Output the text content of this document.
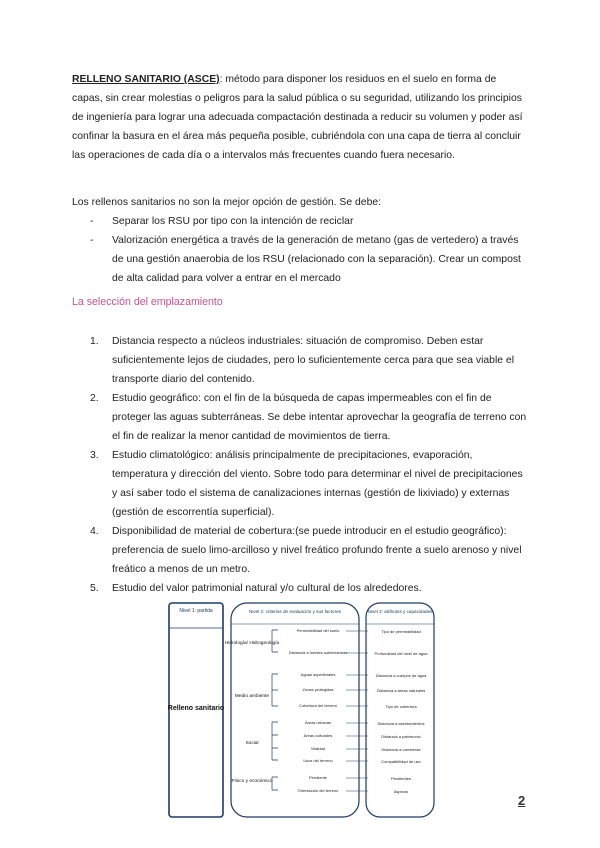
RELLENO SANITARIO (ASCE): método para disponer los residuos en el suelo en forma de capas, sin crear molestias o peligros para la salud pública o su seguridad, utilizando los principios de ingeniería para lograr una adecuada compactación destinada a reducir su volumen y poder así confinar la basura en el área más pequeña posible, cubriéndola con una capa de tierra al concluir las operaciones de cada día o a intervalos más frecuentes cuando fuera necesario.
Los rellenos sanitarios no son la mejor opción de gestión. Se debe:
- Separar los RSU por tipo con la intención de reciclar
- Valorización energética a través de la generación de metano (gas de vertedero) a través de una gestión anaerobia de los RSU (relacionado con la separación). Crear un compost de alta calidad para volver a entrar en el mercado
La selección del emplazamiento
1. Distancia respecto a núcleos industriales: situación de compromiso. Deben estar suficientemente lejos de ciudades, pero lo suficientemente cerca para que sea viable el transporte diario del contenido.
2. Estudio geográfico: con el fin de la búsqueda de capas impermeables con el fin de proteger las aguas subterráneas. Se debe intentar aprovechar la geografía de terreno con el fin de realizar la menor cantidad de movimientos de tierra.
3. Estudio climatológico: análisis principalmente de precipitaciones, evaporación, temperatura y dirección del viento. Sobre todo para determinar el nivel de precipitaciones y así saber todo el sistema de canalizaciones internas (gestión de lixiviado) y externas (gestión de escorrentía superficial).
4. Disponibilidad de material de cobertura:(se puede introducir en el estudio geográfico): preferencia de suelo limo-arcilloso y nivel freático profundo frente a suelo arenoso y nivel freático a menos de un metro.
5. Estudio del valor patrimonial natural y/o cultural de los alrededores.
Nivel 1: partida	Nivel 2: criterios de evaluación y sus factores	Nivel 3: atributos y capacidades
Relleno sanitario
Hidrología/ Hidrogeología
Medio ambiente
Social
Físico y económico
Permeabilidad del suelo
Distancia a fuentes subterráneas
Aguas superficiales
Zonas protegidas
Cobertura del terreno
Áreas urbanas
Áreas culturales
Vialidad
Usos del terreno
Pendiente
Orientación del terreno
Tipo de permeabilidad
Profundidad del nivel de agua
Distancia a cuerpos de agua
Distancia a áreas naturales
Tipo de cobertura
Distancia a asentamientos
Distancia a patrimonio
Distancia a carreteras
Compatibilidad de uso
Pendientes
Aspecto
2
